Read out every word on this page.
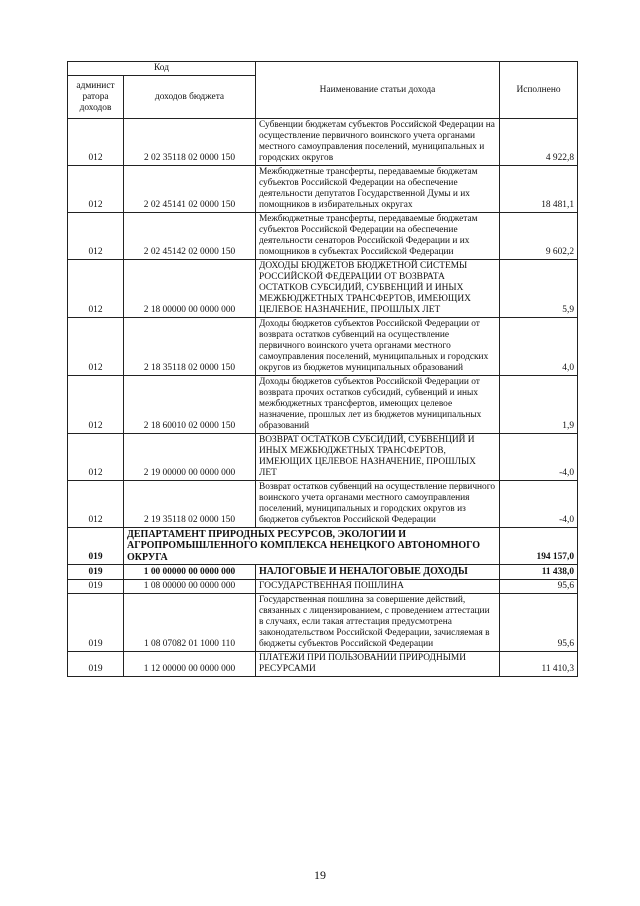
Код		Наименование статьи дохода	Исполнено
админист ратора доходов	доходов бюджета		
012	2 02 35118 02 0000 150	Субвенции бюджетам субъектов Российской Федерации на осуществление первичного воинского учета органами местного самоуправления поселений, муниципальных и городских округов	4 922,8
012	2 02 45141 02 0000 150	Межбюджетные трансферты, передаваемые бюджетам субъектов Российской Федерации на обеспечение деятельности депутатов Государственной Думы и их помощников в избирательных округах	18 481,1
012	2 02 45142 02 0000 150	Межбюджетные трансферты, передаваемые бюджетам субъектов Российской Федерации на обеспечение деятельности сенаторов Российской Федерации и их помощников в субъектах Российской Федерации	9 602,2
012	2 18 00000 00 0000 000	ДОХОДЫ БЮДЖЕТОВ БЮДЖЕТНОЙ СИСТЕМЫ РОССИЙСКОЙ ФЕДЕРАЦИИ ОТ ВОЗВРАТА ОСТАТКОВ СУБСИДИЙ, СУБВЕНЦИЙ И ИНЫХ МЕЖБЮДЖЕТНЫХ ТРАНСФЕРТОВ, ИМЕЮЩИХ ЦЕЛЕВОЕ НАЗНАЧЕНИЕ, ПРОШЛЫХ ЛЕТ	5,9
012	2 18 35118 02 0000 150	Доходы бюджетов субъектов Российской Федерации от возврата остатков субвенций на осуществление первичного воинского учета органами местного самоуправления поселений, муниципальных и городских округов из бюджетов муниципальных образований	4,0
012	2 18 60010 02 0000 150	Доходы бюджетов субъектов Российской Федерации от возврата прочих остатков субсидий, субвенций и иных межбюджетных трансфертов, имеющих целевое назначение, прошлых лет из бюджетов муниципальных образований	1,9
012	2 19 00000 00 0000 000	ВОЗВРАТ ОСТАТКОВ СУБСИДИЙ, СУБВЕНЦИЙ И ИНЫХ МЕЖБЮДЖЕТНЫХ ТРАНСФЕРТОВ, ИМЕЮЩИХ ЦЕЛЕВОЕ НАЗНАЧЕНИЕ, ПРОШЛЫХ ЛЕТ	-4,0
012	2 19 35118 02 0000 150	Возврат остатков субвенций на осуществление первичного воинского учета органами местного самоуправления поселений, муниципальных и городских округов из бюджетов субъектов Российской Федерации	-4,0
019	ДЕПАРТАМЕНТ ПРИРОДНЫХ РЕСУРСОВ, ЭКОЛОГИИ И АГРОПРОМЫШЛЕННОГО КОМПЛЕКСА НЕНЕЦКОГО АВТОНОМНОГО ОКРУГА		194 157,0
019	1 00 00000 00 0000 000	НАЛОГОВЫЕ И НЕНАЛОГОВЫЕ ДОХОДЫ	11 438,0
019	1 08 00000 00 0000 000	ГОСУДАРСТВЕННАЯ ПОШЛИНА	95,6
019	1 08 07082 01 1000 110	Государственная пошлина за совершение действий, связанных с лицензированием, с проведением аттестации в случаях, если такая аттестация предусмотрена законодательством Российской Федерации, зачисляемая в бюджеты субъектов Российской Федерации	95,6
019	1 12 00000 00 0000 000	ПЛАТЕЖИ ПРИ ПОЛЬЗОВАНИИ ПРИРОДНЫМИ РЕСУРСАМИ	11 410,3
19
